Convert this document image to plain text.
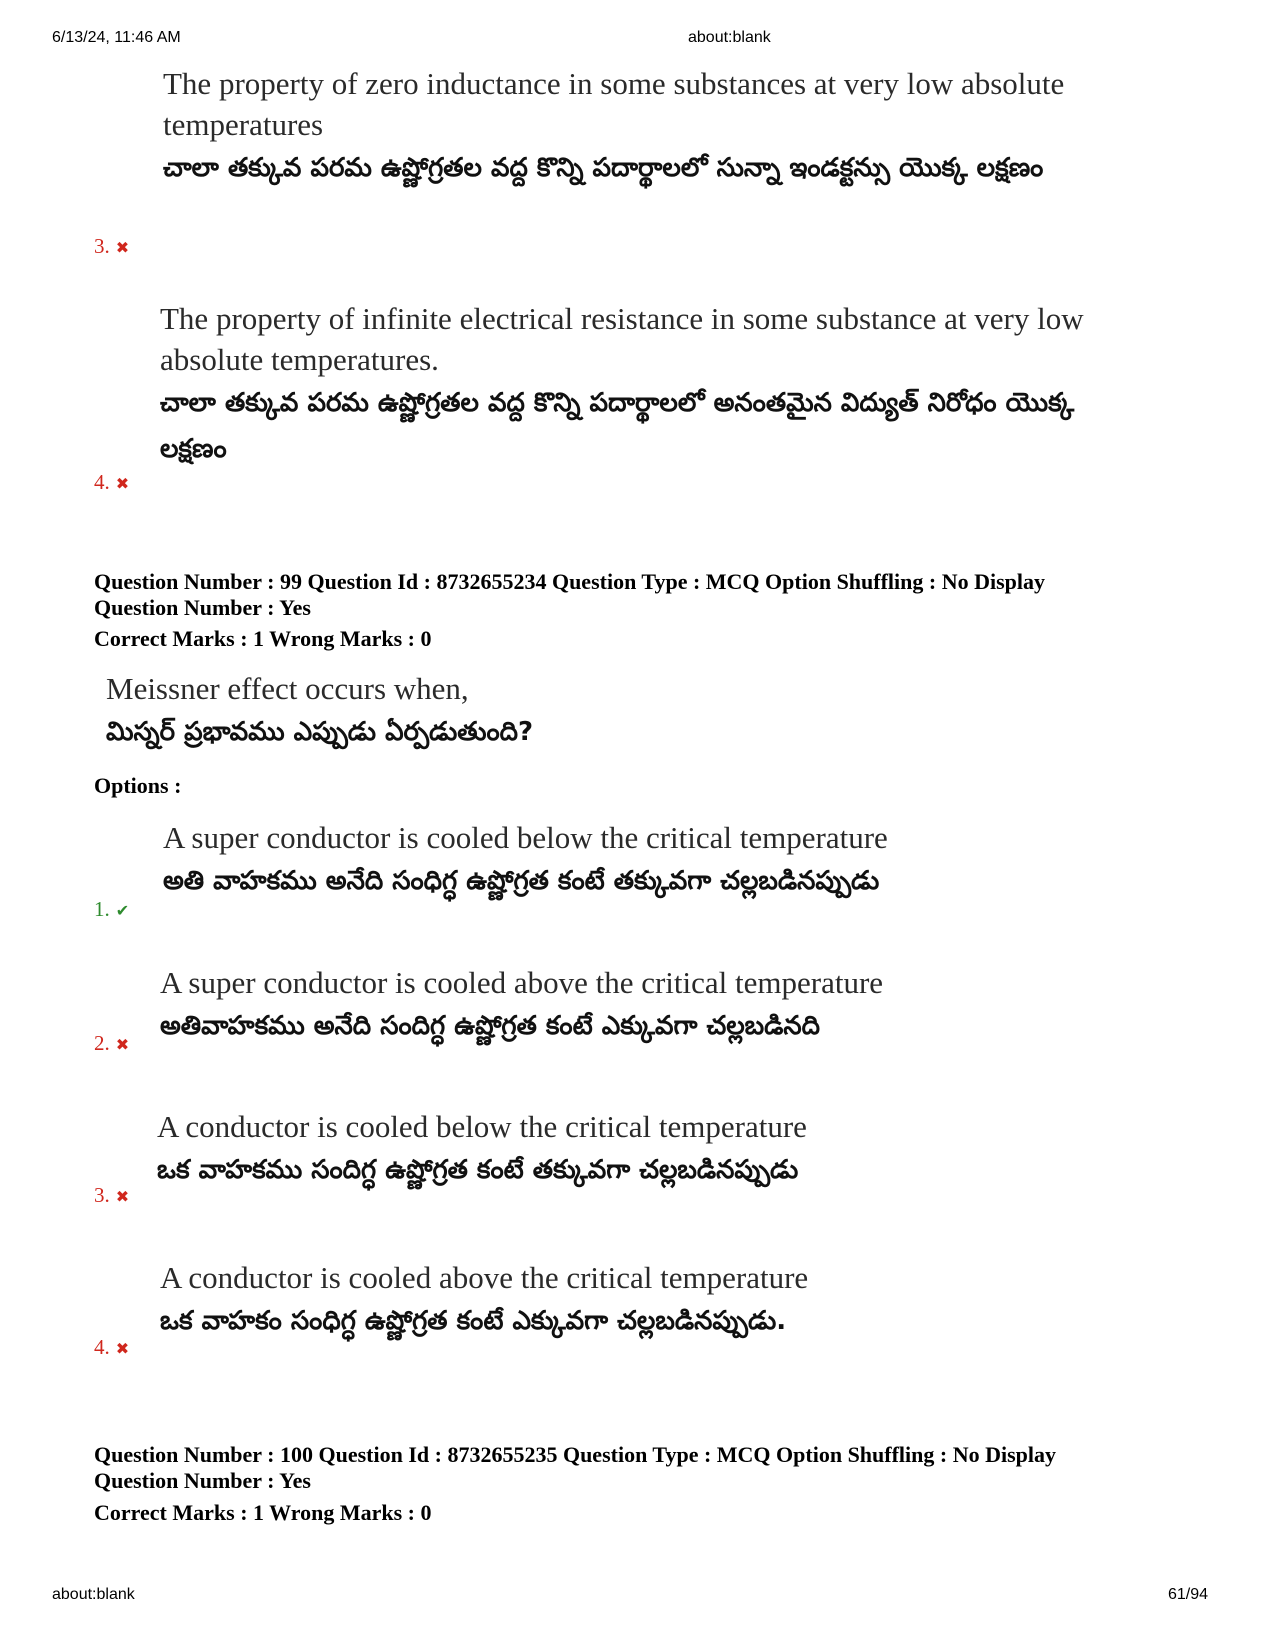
6/13/24, 11:46 AM	about:blank
The property of zero inductance in some substances at very low absolute temperatures
చాలా తక్కువ పరమ ఉష్ణోగ్రతల వద్ద కొన్ని పదార్థాలలో సున్నా ఇండక్టన్సు యొక్క లక్షణం
3. ✖
The property of infinite electrical resistance in some substance at very low absolute temperatures.
చాలా తక్కువ పరమ ఉష్ణోగ్రతల వద్ద కొన్ని పదార్థాలలో అనంతమైన విద్యుత్ నిరోధం యొక్క లక్షణం
4. ✖
Question Number : 99 Question Id : 8732655234 Question Type : MCQ Option Shuffling : No Display
Question Number : Yes
Correct Marks : 1 Wrong Marks : 0
Meissner effect occurs when,
మిస్నర్ ప్రభావము ఎప్పుడు ఏర్పడుతుంది?
Options :
A super conductor is cooled below the critical temperature
అతి వాహకము అనేది సంధిగ్ధ ఉష్ణోగ్రత కంటే తక్కువగా చల్లబడినప్పుడు
1. ✔
A super conductor is cooled above the critical temperature
అతివాహకము అనేది సందిగ్ధ ఉష్ణోగ్రత కంటే ఎక్కువగా చల్లబడినది
2. ✖
A conductor is cooled below the critical temperature
ఒక వాహకము సందిగ్ధ ఉష్ణోగ్రత కంటే తక్కువగా చల్లబడినప్పుడు
3. ✖
A conductor is cooled above the critical temperature
ఒక వాహకం సంధిగ్ధ ఉష్ణోగ్రత కంటే ఎక్కువగా చల్లబడినప్పుడు.
4. ✖
Question Number : 100 Question Id : 8732655235 Question Type : MCQ Option Shuffling : No Display
Question Number : Yes
Correct Marks : 1 Wrong Marks : 0
about:blank	61/94
